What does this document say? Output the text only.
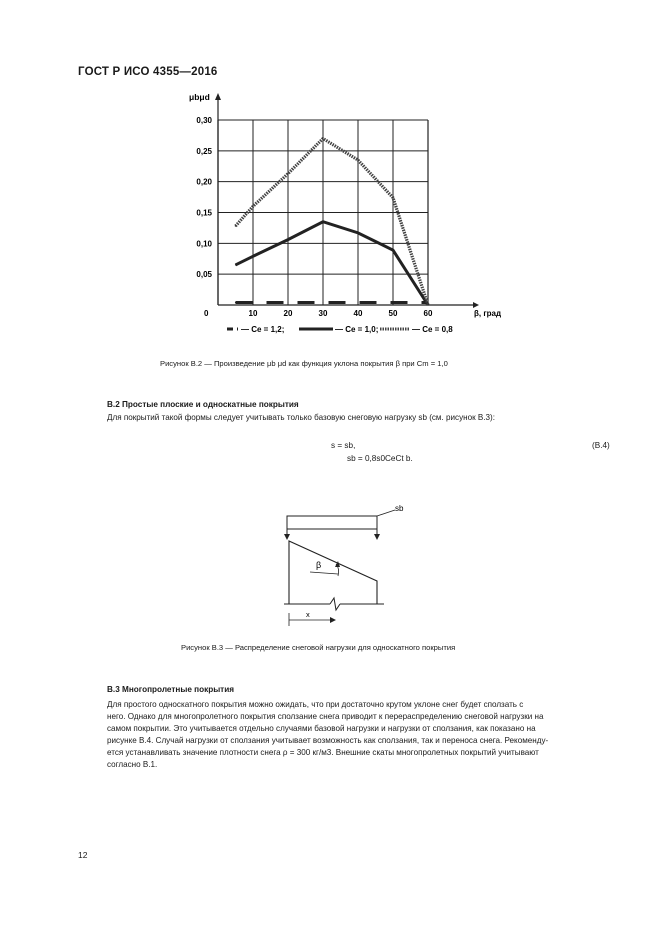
ГОСТ Р ИСО 4355—2016
0	10	20	30	40	50	60
0,05
0,10
0,15
0,20
0,25
0,30
μbμd
β, град
— Ce = 1,2;	— Ce = 1,0;	— Ce = 0,8
Рисунок В.2 — Произведение μb μd как функция уклона покрытия β при Cm = 1,0
В.2 Простые плоские и односкатные покрытия
Для покрытий такой формы следует учитывать только базовую снеговую нагрузку sb (см. рисунок В.3):
s = sb,
sb = 0,8s0CeCt b.
(В.4)
sb
β
x
Рисунок В.3 — Распределение снеговой нагрузки для односкатного покрытия
В.3 Многопролетные покрытия
Для простого односкатного покрытия можно ожидать, что при достаточно крутом уклоне снег будет сползать с
него. Однако для многопролетного покрытия сползание снега приводит к перераспределению снеговой нагрузки на
самом покрытии. Это учитывается отдельно случаями базовой нагрузки и нагрузки от сползания, как показано на
рисунке В.4. Случай нагрузки от сползания учитывает возможность как сползания, так и переноса снега. Рекоменду-
ется устанавливать значение плотности снега ρ = 300 кг/м3. Внешние скаты многопролетных покрытий учитывают
согласно В.1.
12
